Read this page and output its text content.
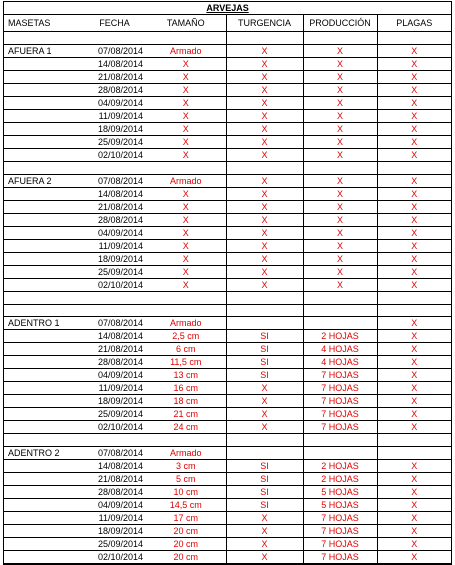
ARVEJAS					
MASETAS	FECHA	TAMAÑO	TURGENCIA	PRODUCCIÓN	PLAGAS

AFUERA 1	07/08/2014	Armado	X	X	X
	14/08/2014	X	X	X	X
	21/08/2014	X	X	X	X
	28/08/2014	X	X	X	X
	04/09/2014	X	X	X	X
	11/09/2014	X	X	X	X
	18/09/2014	X	X	X	X
	25/09/2014	X	X	X	X
	02/10/2014	X	X	X	X

AFUERA 2	07/08/2014	Armado	X	X	X
	14/08/2014	X	X	X	X
	21/08/2014	X	X	X	X
	28/08/2014	X	X	X	X
	04/09/2014	X	X	X	X
	11/09/2014	X	X	X	X
	18/09/2014	X	X	X	X
	25/09/2014	X	X	X	X
	02/10/2014	X	X	X	X

ADENTRO 1	07/08/2014	Armado			X
	14/08/2014	2,5 cm	SI	2 HOJAS	X
	21/08/2014	6 cm	SI	4 HOJAS	X
	28/08/2014	11,5 cm	SI	4 HOJAS	X
	04/09/2014	13 cm	SI	7 HOJAS	X
	11/09/2014	16 cm	X	7 HOJAS	X
	18/09/2014	18 cm	X	7 HOJAS	X
	25/09/2014	21 cm	X	7 HOJAS	X
	02/10/2014	24 cm	X	7 HOJAS	X

ADENTRO 2	07/08/2014	Armado			
	14/08/2014	3 cm	SI	2 HOJAS	X
	21/08/2014	5 cm	SI	2 HOJAS	X
	28/08/2014	10 cm	SI	5 HOJAS	X
	04/09/2014	14,5 cm	SI	5 HOJAS	X
	11/09/2014	17 cm	X	7 HOJAS	X
	18/09/2014	20 cm	X	7 HOJAS	X
	25/09/2014	20 cm	X	7 HOJAS	X
	02/10/2014	20 cm	X	7 HOJAS	X
